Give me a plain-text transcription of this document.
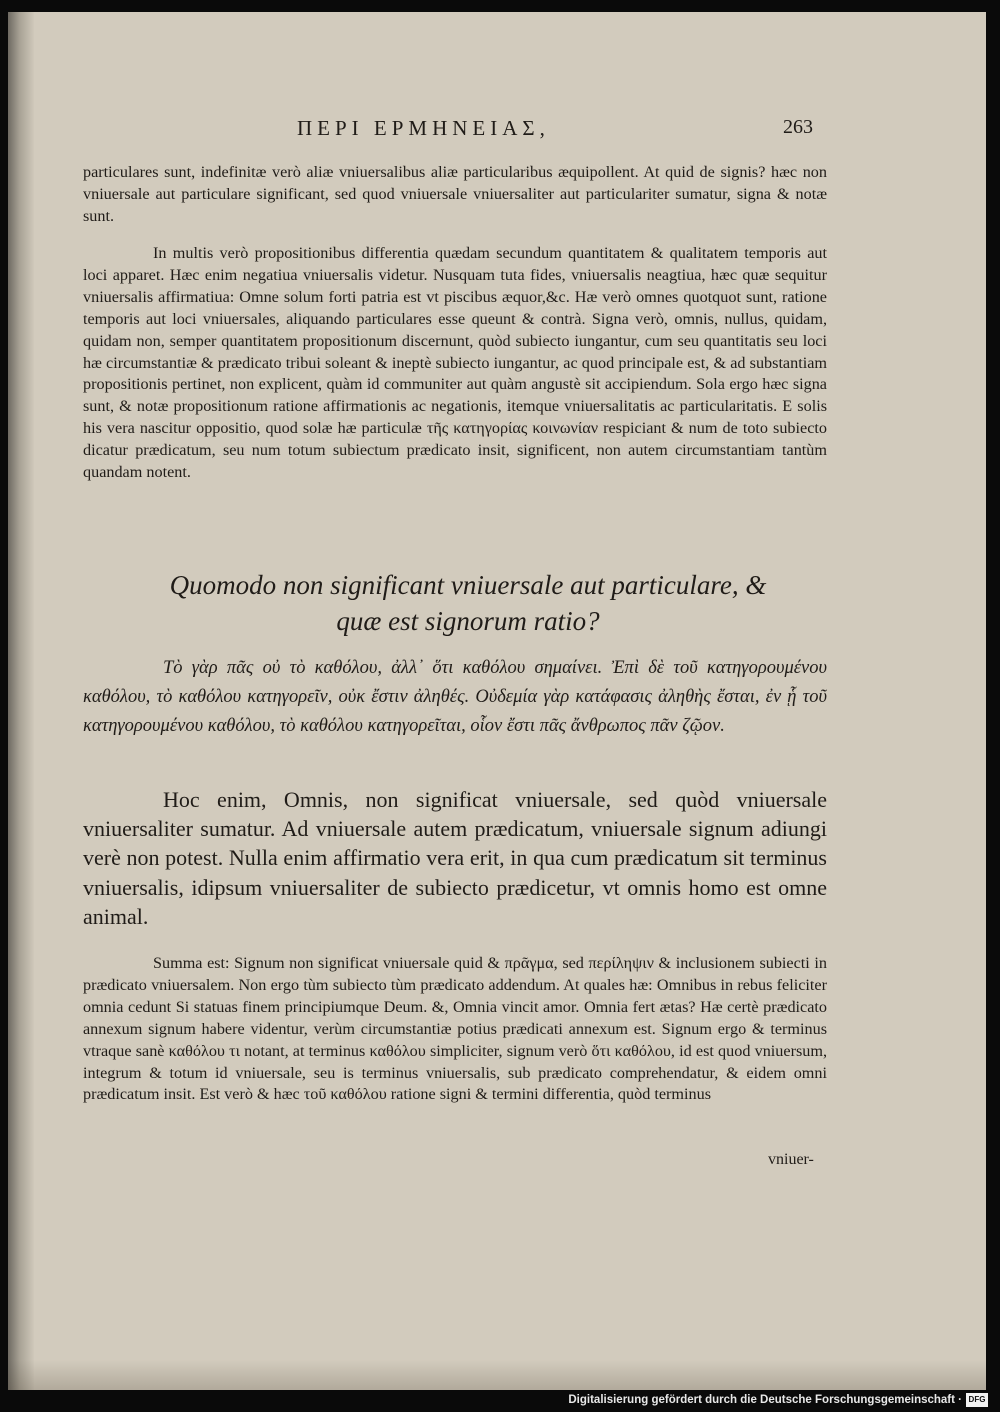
ΠΕΡΙ ΕΡΜΗΝΕΙΑΣ,	263

particulares sunt, indefinitæ verò aliæ vniuersalibus aliæ particularibus æquipollent. At quid de signis? hæc non vniuersale aut particulare significant, sed quod vniuersale vniuersaliter aut particulariter sumatur, signa & notæ sunt.

In multis verò propositionibus differentia quædam secundum quantitatem & qualitatem temporis aut loci apparet. Hæc enim negatiua vniuersalis videtur. Nusquam tuta fides, vniuersalis neagtiua, hæc quæ sequitur vniuersalis affirmatiua: Omne solum forti patria est vt piscibus æquor,&c. Hæ verò omnes quotquot sunt, ratione temporis aut loci vniuersales, aliquando particulares esse queunt & contrà. Signa verò, omnis, nullus, quidam, quidam non, semper quantitatem propositionum discernunt, quòd subiecto iungantur, cum seu quantitatis seu loci hæ circumstantiæ & prædicato tribui soleant & ineptè subiecto iungantur, ac quod principale est, & ad substantiam propositionis pertinet, non explicent, quàm id communiter aut quàm angustè sit accipiendum. Sola ergo hæc signa sunt, & notæ propositionum ratione affirmationis ac negationis, itemque vniuersalitatis ac particularitatis. E solis his vera nascitur oppositio, quod solæ hæ particulæ τῆς κατηγορίας κοινωνίαν respiciant & num de toto subiecto dicatur prædicatum, seu num totum subiectum prædicato insit, significent, non autem circumstantiam tantùm quandam notent.

Quomodo non significant vniuersale aut particulare, &
quæ est signorum ratio?

Τὸ γὰρ πᾶς οὐ τὸ καθόλου, ἀλλ᾽ ὅτι καθόλου σημαίνει. Ἐπὶ δὲ τοῦ κατηγορουμένου καθόλου, τὸ καθόλου κατηγορεῖν, οὐκ ἔστιν ἀληθές. Οὐδεμία γὰρ κατάφασις ἀληθὴς ἔσται, ἐν ᾗ τοῦ κατηγορουμένου καθόλου, τὸ καθόλου κατηγορεῖται, οἷον ἔστι πᾶς ἄνθρωπος πᾶν ζῷον.

Hoc enim, Omnis, non significat vniuersale, sed quòd vniuersale vniuersaliter sumatur. Ad vniuersale autem prædicatum, vniuersale signum adiungi verè non potest. Nulla enim affirmatio vera erit, in qua cum prædicatum sit terminus vniuersalis, idipsum vniuersaliter de subiecto prædicetur, vt omnis homo est omne animal.

Summa est: Signum non significat vniuersale quid & πρᾶγμα, sed περίληψιν & inclusionem subiecti in prædicato vniuersalem. Non ergo tùm subiecto tùm prædicato addendum. At quales hæ: Omnibus in rebus feliciter omnia cedunt Si statuas finem principiumque Deum. &, Omnia vincit amor. Omnia fert ætas? Hæ certè prædicato annexum signum habere videntur, verùm circumstantiæ potius prædicati annexum est. Signum ergo & terminus vtraque sanè καθόλου τι notant, at terminus καθόλου simpliciter, signum verò ὅτι καθόλου, id est quod vniuersum, integrum & totum id vniuersale, seu is terminus vniuersalis, sub prædicato comprehendatur, & eidem omni prædicatum insit. Est verò & hæc τοῦ καθόλου ratione signi & termini differentia, quòd terminus

vniuer-
Digitalisierung gefördert durch die Deutsche Forschungsgemeinschaft · DFG
